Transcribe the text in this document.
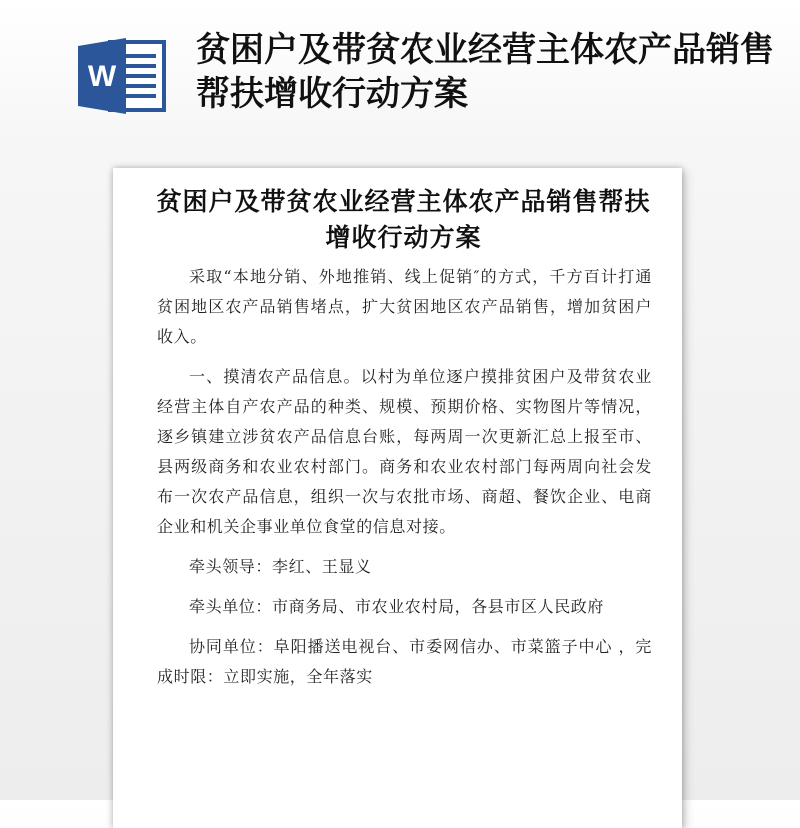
W
贫困户及带贫农业经营主体农产品销售帮扶增收行动方案
贫困户及带贫农业经营主体农产品销售帮扶增收行动方案

采取“本地分销、外地推销、线上促销″的方式，千方百计打通贫困地区农产品销售堵点，扩大贫困地区农产品销售，增加贫困户收入。

一、摸清农产品信息。以村为单位逐户摸排贫困户及带贫农业经营主体自产农产品的种类、规模、预期价格、实物图片等情况，逐乡镇建立涉贫农产品信息台账，每两周一次更新汇总上报至市、县两级商务和农业农村部门。商务和农业农村部门每两周向社会发布一次农产品信息，组织一次与农批市场、商超、餐饮企业、电商企业和机关企事业单位食堂的信息对接。

牵头领导：李红、王显义

牵头单位：市商务局、市农业农村局，各县市区人民政府

协同单位：阜阳播送电视台、市委网信办、市菜篮子中心 ，完成时限：立即实施，全年落实
